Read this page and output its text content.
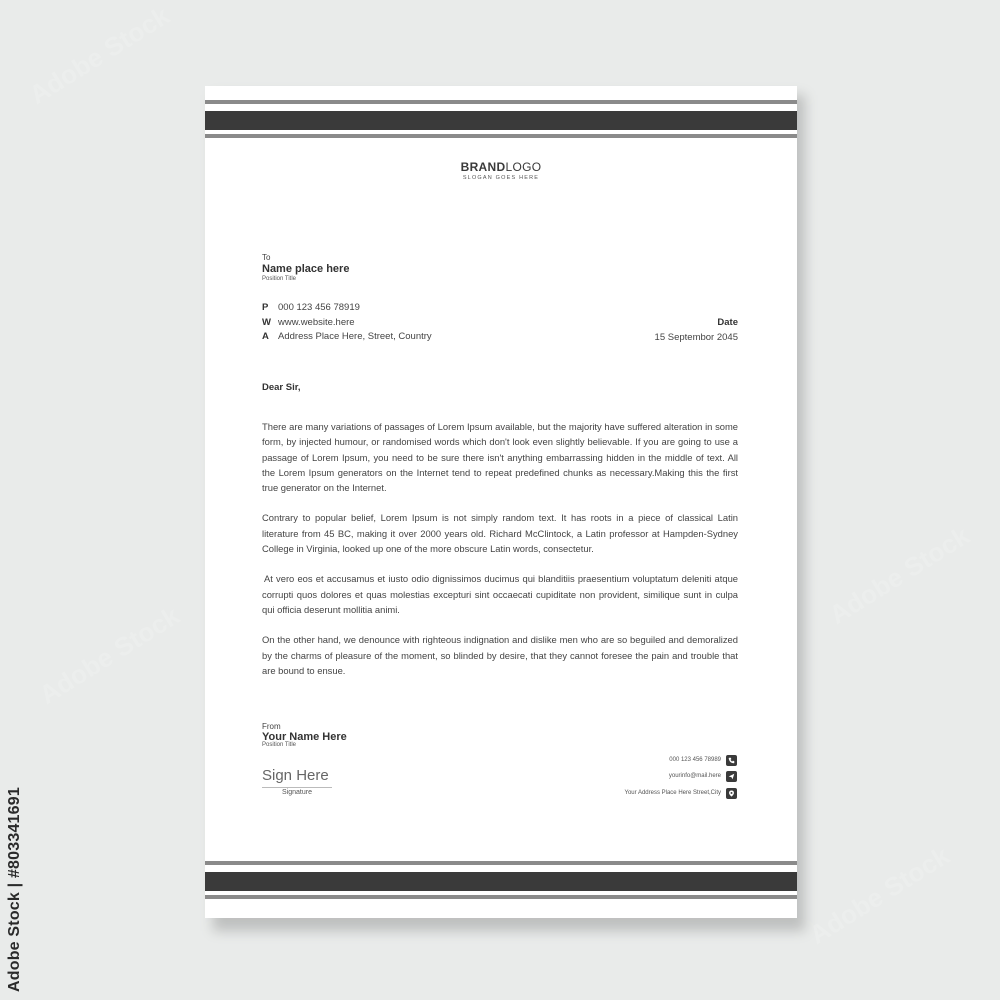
BRANDLOGO
SLOGAN GOES HERE
To
Name place here
Position Title
P 000 123 456 78919
W www.website.here
A Address Place Here, Street, Country
Date
15 Septembor 2045
Dear Sir,

There are many variations of passages of Lorem Ipsum available, but the majority have suffered alteration in some form, by injected humour, or randomised words which don't look even slightly believable. If you are going to use a passage of Lorem Ipsum, you need to be sure there isn't anything embarrassing hidden in the middle of text. All the Lorem Ipsum generators on the Internet tend to repeat predefined chunks as necessary.Making this the first true generator on the Internet.

Contrary to popular belief, Lorem Ipsum is not simply random text. It has roots in a piece of classical Latin literature from 45 BC, making it over 2000 years old. Richard McClintock, a Latin professor at Hampden-Sydney College in Virginia, looked up one of the more obscure Latin words, consectetur.

At vero eos et accusamus et iusto odio dignissimos ducimus qui blanditiis praesentium voluptatum deleniti atque corrupti quos dolores et quas molestias excepturi sint occaecati cupiditate non provident, similique sunt in culpa qui officia deserunt mollitia animi.

On the other hand, we denounce with righteous indignation and dislike men who are so beguiled and demoralized by the charms of pleasure of the moment, so blinded by desire, that they cannot foresee the pain and trouble that are bound to ensue.

From
Your Name Here
Position Title
Sign Here
Signature
000 123 456 78989
yourinfo@mail.here
Your Address Place Here Street,City
Adobe Stock
Adobe Stock
Adobe Stock
Adobe Stock
Adobe Stock | #803341691
